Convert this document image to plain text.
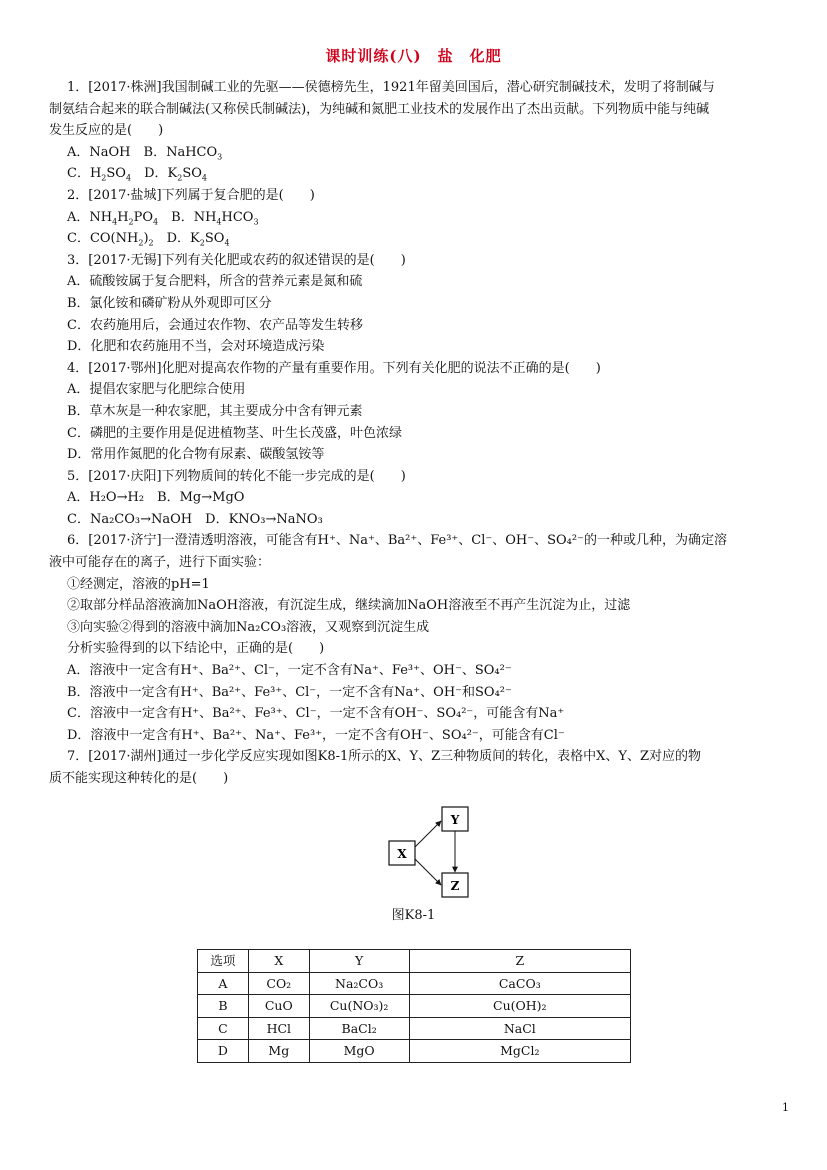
课时训练(八)　盐　化肥
1．[2017·株洲]我国制碱工业的先驱——侯德榜先生，1921年留美回国后，潜心研究制碱技术，发明了将制碱与
制氨结合起来的联合制碱法(又称侯氏制碱法)，为纯碱和氮肥工业技术的发展作出了杰出贡献。下列物质中能与纯碱
发生反应的是(　　)
A．NaOH　 B．NaHCO$_3$
C．$H_2SO_4$　 D．$K_2SO_4$
2．[2017·盐城]下列属于复合肥的是(　　)
A．$NH_4H_2PO_4$　 B．$NH_4HCO_3$
C．$CO(NH_2)_2$　 D．$K_2SO_4$
3．[2017·无锡]下列有关化肥或农药的叙述错误的是(　　)
A．硫酸铵属于复合肥料，所含的营养元素是氮和硫
B．氯化铵和磷矿粉从外观即可区分
C．农药施用后，会通过农作物、农产品等发生转移
D．化肥和农药施用不当，会对环境造成污染
4．[2017·鄂州]化肥对提高农作物的产量有重要作用。下列有关化肥的说法不正确的是(　　)
A．提倡农家肥与化肥综合使用
B．草木灰是一种农家肥，其主要成分中含有钾元素
C．磷肥的主要作用是促进植物茎、叶生长茂盛，叶色浓绿
D．常用作氮肥的化合物有尿素、碳酸氢铵等
5．[2017·庆阳]下列物质间的转化不能一步完成的是(　　)
A．H₂O→H₂　 B．Mg→MgO
C．Na₂CO₃→NaOH　 D．KNO₃→NaNO₃
6．[2017·济宁]一澄清透明溶液，可能含有H⁺、Na⁺、Ba²⁺、Fe³⁺、Cl⁻、OH⁻、SO₄²⁻的一种或几种，为确定溶
液中可能存在的离子，进行下面实验：
①经测定，溶液的pH=1
②取部分样品溶液滴加NaOH溶液，有沉淀生成，继续滴加NaOH溶液至不再产生沉淀为止，过滤
③向实验②得到的溶液中滴加Na₂CO₃溶液，又观察到沉淀生成
分析实验得到的以下结论中，正确的是(　　)
A．溶液中一定含有H⁺、Ba²⁺、Cl⁻，一定不含有Na⁺、Fe³⁺、OH⁻、SO₄²⁻
B．溶液中一定含有H⁺、Ba²⁺、Fe³⁺、Cl⁻，一定不含有Na⁺、OH⁻和SO₄²⁻
C．溶液中一定含有H⁺、Ba²⁺、Fe³⁺、Cl⁻，一定不含有OH⁻、SO₄²⁻，可能含有Na⁺
D．溶液中一定含有H⁺、Ba²⁺、Na⁺、Fe³⁺，一定不含有OH⁻、SO₄²⁻，可能含有Cl⁻
7．[2017·湖州]通过一步化学反应实现如图K8-1所示的X、Y、Z三种物质间的转化，表格中X、Y、Z对应的物
质不能实现这种转化的是(　　)
X
Y
Z
图K8-1
选项	X	Y	Z
A	CO₂	Na₂CO₃	CaCO₃
B	CuO	Cu(NO₃)₂	Cu(OH)₂
C	HCl	BaCl₂	NaCl
D	Mg	MgO	MgCl₂
1
